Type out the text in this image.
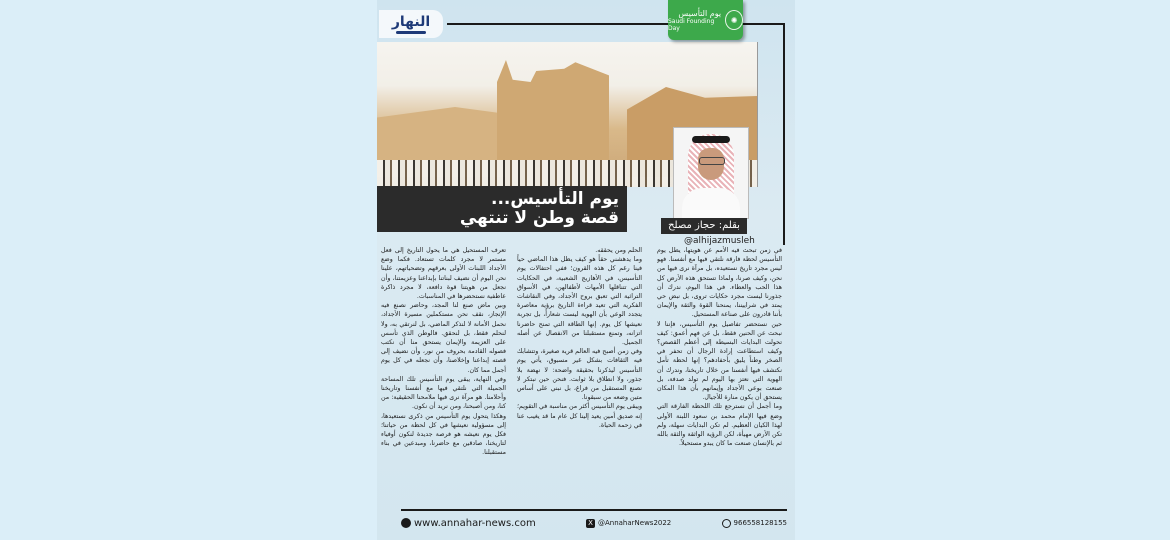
النهار
يوم التأسيس
Saudi Founding Day
✺
يوم التأسيس...
قصة وطن لا تنتهي	بقلم: حجاز مصلح
@alhijazmusleh

في زمن تبحث فيه الأمم عن هويتها، يطل يوم التأسيس لحظة فارقة نلتقي فيها مع أنفسنا. فهو ليس مجرد تاريخ نستعيده، بل مرآة نرى فيها من نحن، وكيف صرنا، ولماذا تستحق هذه الأرض كل هذا الحب والعطاء. في هذا اليوم، ندرك أن جذورنا ليست مجرد حكايات تروى، بل نبض حي يمتد في شراييننا، يمنحنا القوة والثقة والإيمان بأننا قادرون على صناعة المستحيل.

حين نستحضر تفاصيل يوم التأسيس، فإننا لا نبحث عن الحنين فقط، بل عن فهم أعمق: كيف تحولت البدايات البسيطة إلى أعظم القصص؟ وكيف استطاعت إرادة الرجال أن تحفر في الصخر وطناً يليق بأحفادهم؟ إنها لحظة تأمل نكتشف فيها أنفسنا من خلال تاريخنا، وندرك أن الهوية التي نعتز بها اليوم لم تولد صدفة، بل صنعت بوعي الأجداد وإيمانهم بأن هذا المكان يستحق أن يكون منارة للأجيال.

وما أجمل أن نسترجع تلك اللحظة الفارقة التي وضع فيها الإمام محمد بن سعود اللبنة الأولى لهذا الكيان العظيم. لم تكن البدايات سهلة، ولم تكن الأرض مهيأة، لكن الرؤية الواثقة والثقة بالله ثم بالإنسان صنعت ما كان يبدو مستحيلاً.

الحلم ومن يحققه.

وما يدهشني حقاً هو كيف يظل هذا الماضي حياً فينا رغم كل هذه القرون؛ ففي احتفالات يوم التأسيس، في الأهازيج الشعبية، في الحكايات التي تتناقلها الأمهات لأطفالهن، في الأسواق التراثية التي تعبق بروح الأجداد، وفي النقاشات الفكرية التي تعيد قراءة التاريخ برؤية معاصرة يتجدد الوعي بأن الهوية ليست شعاراً، بل تجربة نعيشها كل يوم. إنها الطاقة التي تمنح حاضرنا اتزانه، وتمنع مستقبلنا من الانفصال عن أصله الجميل.

وفي زمن أصبح فيه العالم قرية صغيرة، وتتشابك فيه الثقافات بشكل غير مسبوق، يأتي يوم التأسيس ليذكرنا بحقيقة واضحة: لا نهضة بلا جذور، ولا انطلاق بلا ثوابت. فنحن حين نبتكر لا نصنع المستقبل من فراغ، بل نبني على أساس متين وضعه من سبقونا.

ويبقى يوم التأسيس أكثر من مناسبة في التقويم؛ إنه صديق أمين يعيد إلينا كل عام ما قد يغيب عنا في زحمة الحياة.

تعرف المستحيل هي ما يحول التاريخ إلى فعل مستمر لا مجرد كلمات تستعاد. فكما وضع الأجداد اللبنات الأولى بعرقهم وتضحياتهم، علينا نحن اليوم أن نضيف لبناتنا بإبداعنا وعزيمتنا، وأن نجعل من هويتنا قوة دافعة، لا مجرد ذاكرة عاطفية نستحضرها في المناسبات.

وبين ماض صنع لنا المجد، وحاضر نصنع فيه الإنجاز، نقف نحن مستكملين مسيرة الأجداد، نحمل الأمانة لا لنذكر الماضي، بل لنرتقي به، ولا لنحلم فقط، بل لنحقق. فالوطن الذي تأسس على العزيمة والإيمان يستحق منا أن نكتب فصوله القادمة بحروف من نور، وأن نضيف إلى قصته إبداعنا وإخلاصنا، وأن نجعله في كل يوم أجمل مما كان.

وفي النهاية، يبقى يوم التأسيس تلك المساحة الجميلة التي نلتقي فيها مع أنفسنا وتاريخنا وأحلامنا. هو مرآة نرى فيها ملامحنا الحقيقية: من كنا، ومن أصبحنا، ومن نريد أن نكون.

وهكذا يتحول يوم التأسيس من ذكرى نستعيدها، إلى مسؤولية نعيشها في كل لحظة من حياتنا؛ فكل يوم نعيشه هو فرصة جديدة لنكون أوفياء لتاريخنا، صادقين مع حاضرنا، ومبدعين في بناء مستقبلنا.

www.annahar-news.com	X @AnnaharNews2022	966558128155
